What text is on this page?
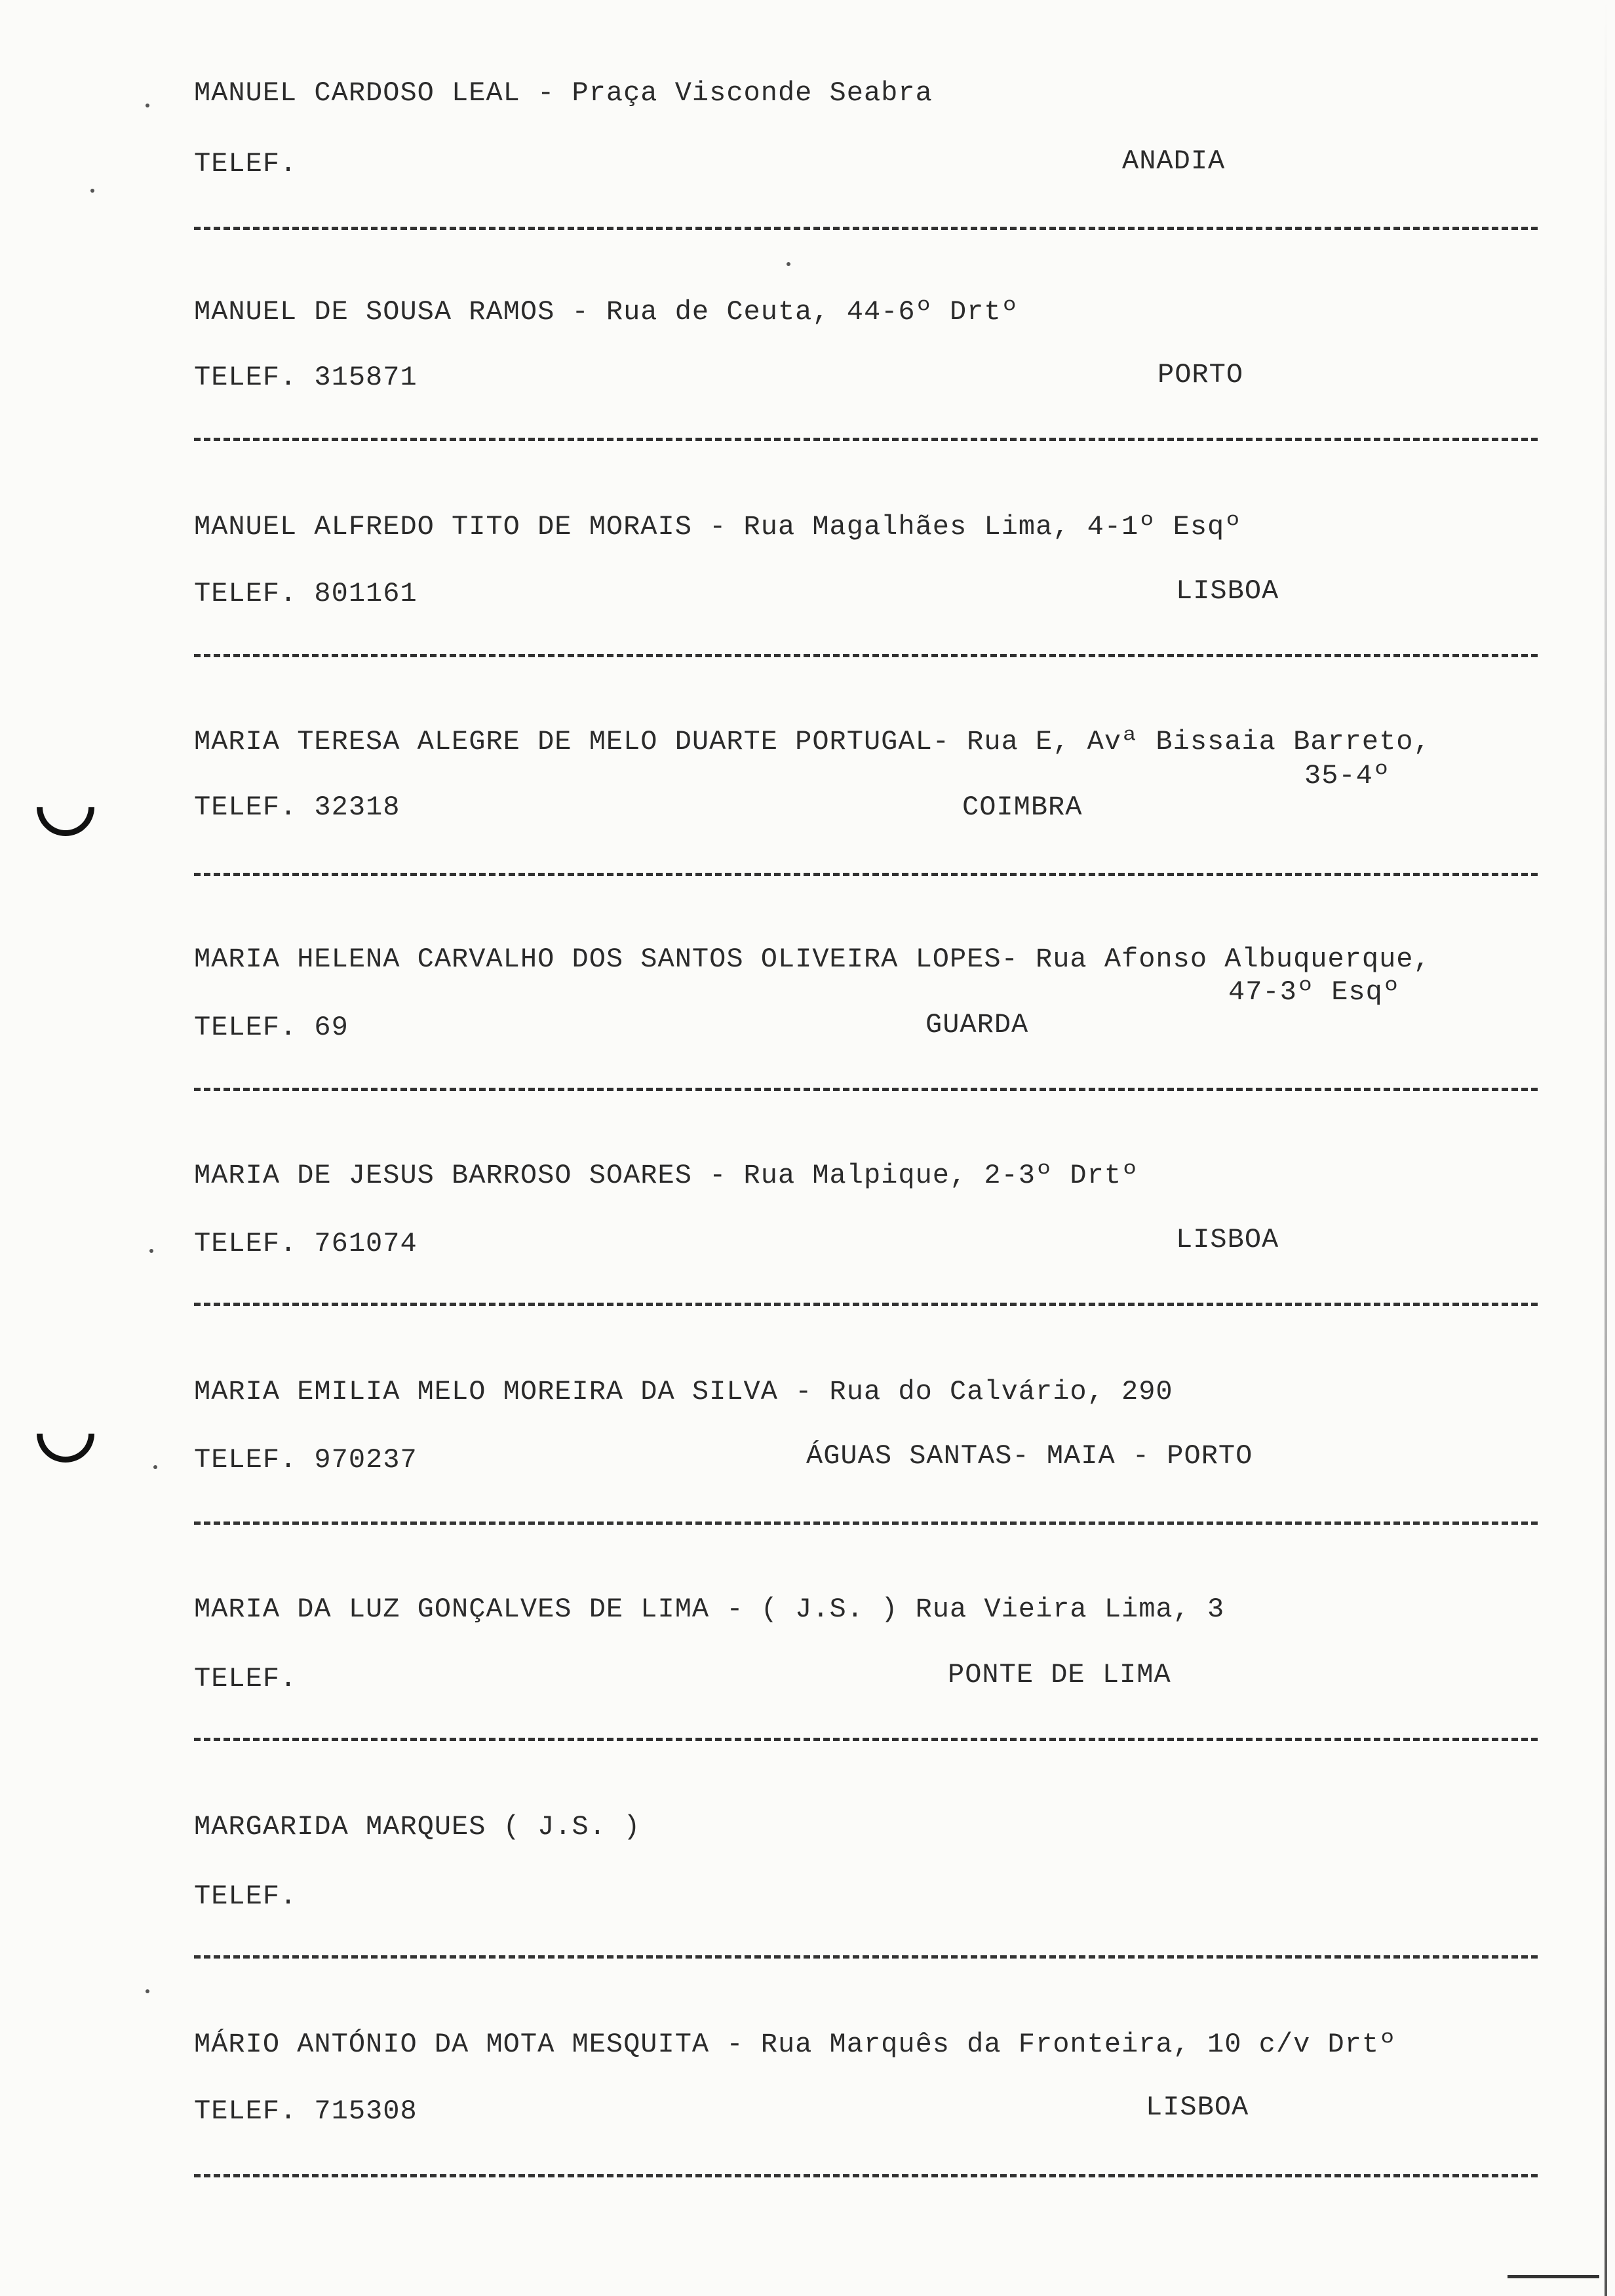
MANUEL CARDOSO LEAL - Praça Visconde Seabra
TELEF.	ANADIA
MANUEL DE SOUSA RAMOS - Rua de Ceuta, 44-6º Drtº
TELEF. 315871	PORTO
MANUEL ALFREDO TITO DE MORAIS - Rua Magalhães Lima, 4-1º Esqº
TELEF. 801161	LISBOA
MARIA TERESA ALEGRE DE MELO DUARTE PORTUGAL- Rua E, Avª Bissaia Barreto,
35-4º
TELEF. 32318	COIMBRA
MARIA HELENA CARVALHO DOS SANTOS OLIVEIRA LOPES- Rua Afonso Albuquerque,
47-3º Esqº
TELEF. 69	GUARDA
MARIA DE JESUS BARROSO SOARES - Rua Malpique, 2-3º Drtº
TELEF. 761074	LISBOA
MARIA EMILIA MELO MOREIRA DA SILVA - Rua do Calvário, 290
TELEF. 970237	ÁGUAS SANTAS- MAIA - PORTO
MARIA DA LUZ GONÇALVES DE LIMA - ( J.S. ) Rua Vieira Lima, 3
TELEF.	PONTE DE LIMA
MARGARIDA MARQUES ( J.S. )
TELEF.
MÁRIO ANTÓNIO DA MOTA MESQUITA - Rua Marquês da Fronteira, 10 c/v Drtº
TELEF. 715308	LISBOA
